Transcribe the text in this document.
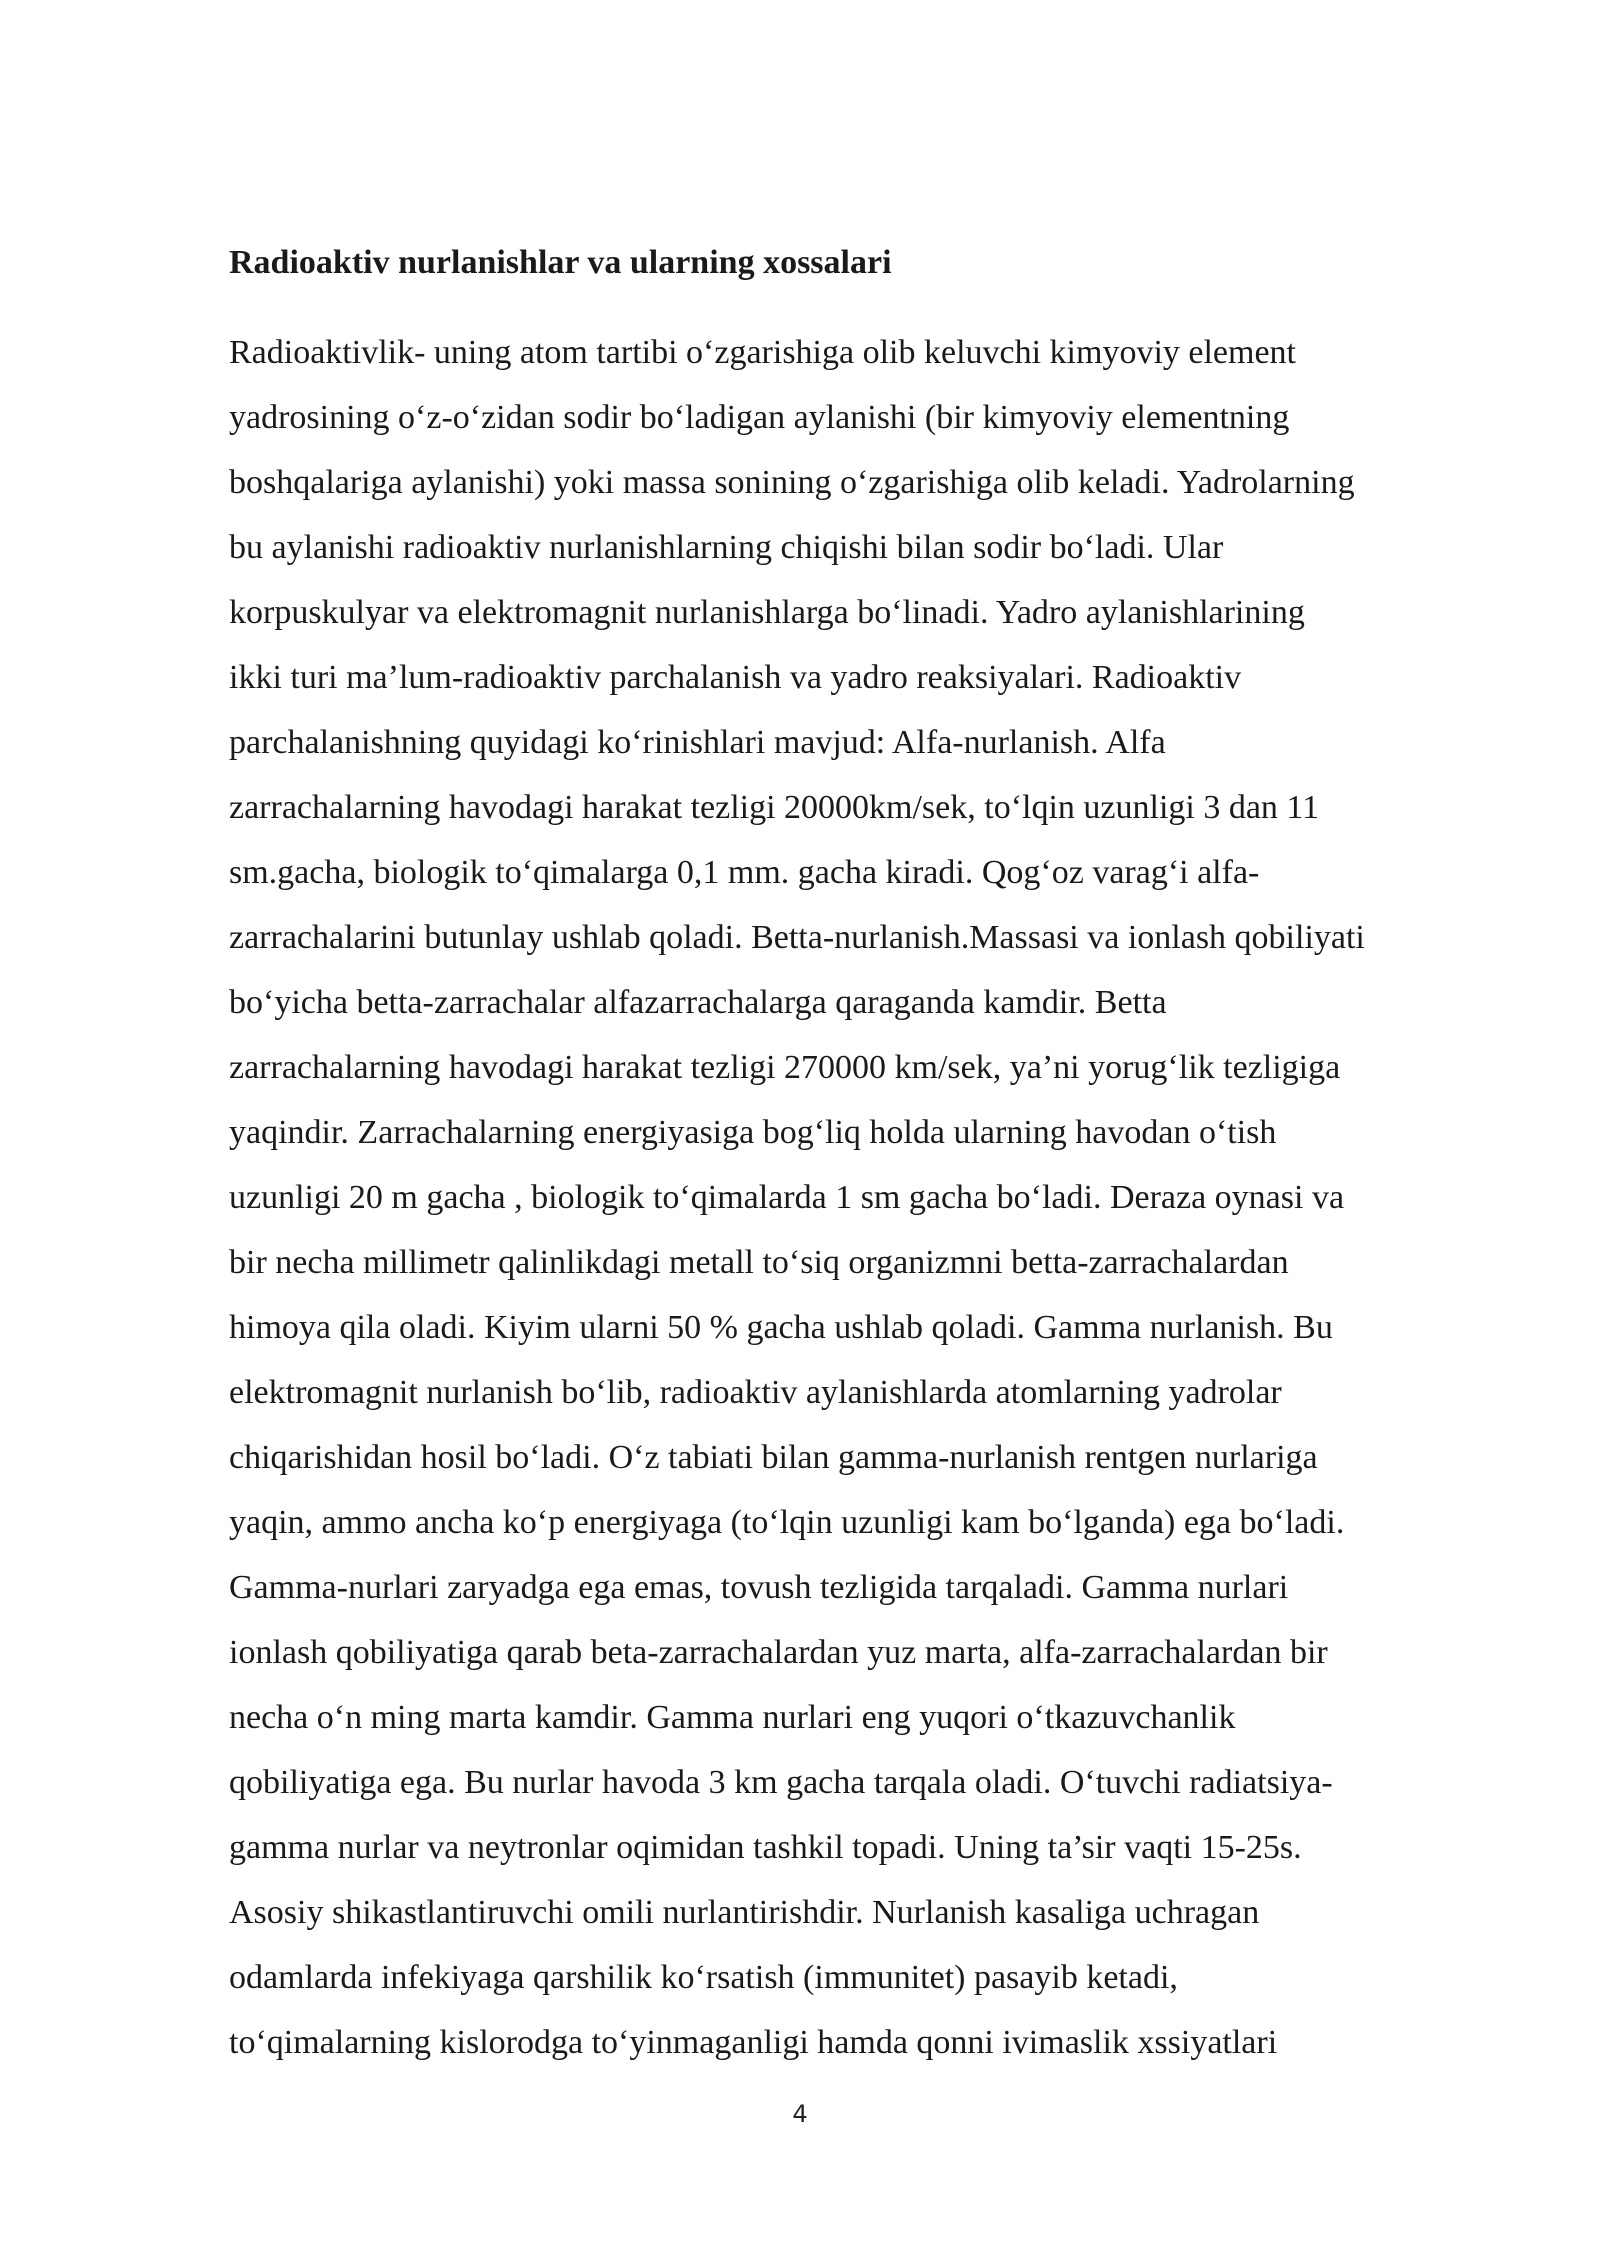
Radioaktiv nurlanishlar va ularning xossalari
Radioaktivlik- uning atom tartibi o‘zgarishiga olib keluvchi kimyoviy element
yadrosining o‘z-o‘zidan sodir bo‘ladigan aylanishi (bir kimyoviy elementning
boshqalariga aylanishi) yoki massa sonining o‘zgarishiga olib keladi. Yadrolarning
bu aylanishi radioaktiv nurlanishlarning chiqishi bilan sodir bo‘ladi. Ular
korpuskulyar va elektromagnit nurlanishlarga bo‘linadi. Yadro aylanishlarining
ikki turi ma’lum-radioaktiv parchalanish va yadro reaksiyalari. Radioaktiv
parchalanishning quyidagi ko‘rinishlari mavjud: Alfa-nurlanish. Alfa
zarrachalarning havodagi harakat tezligi 20000km/sek, to‘lqin uzunligi 3 dan 11
sm.gacha, biologik to‘qimalarga 0,1 mm. gacha kiradi. Qog‘oz varag‘i alfa-
zarrachalarini butunlay ushlab qoladi. Betta-nurlanish.Massasi va ionlash qobiliyati
bo‘yicha betta-zarrachalar alfazarrachalarga qaraganda kamdir. Betta
zarrachalarning havodagi harakat tezligi 270000 km/sek, ya’ni yorug‘lik tezligiga
yaqindir. Zarrachalarning energiyasiga bog‘liq holda ularning havodan o‘tish
uzunligi 20 m gacha , biologik to‘qimalarda 1 sm gacha bo‘ladi. Deraza oynasi va
bir necha millimetr qalinlikdagi metall to‘siq organizmni betta-zarrachalardan
himoya qila oladi. Kiyim ularni 50 % gacha ushlab qoladi. Gamma nurlanish. Bu
elektromagnit nurlanish bo‘lib, radioaktiv aylanishlarda atomlarning yadrolar
chiqarishidan hosil bo‘ladi. O‘z tabiati bilan gamma-nurlanish rentgen nurlariga
yaqin, ammo ancha ko‘p energiyaga (to‘lqin uzunligi kam bo‘lganda) ega bo‘ladi.
Gamma-nurlari zaryadga ega emas, tovush tezligida tarqaladi. Gamma nurlari
ionlash qobiliyatiga qarab beta-zarrachalardan yuz marta, alfa-zarrachalardan bir
necha o‘n ming marta kamdir. Gamma nurlari eng yuqori o‘tkazuvchanlik
qobiliyatiga ega. Bu nurlar havoda 3 km gacha tarqala oladi. O‘tuvchi radiatsiya-
gamma nurlar va neytronlar oqimidan tashkil topadi. Uning ta’sir vaqti 15-25s.
Asosiy shikastlantiruvchi omili nurlantirishdir. Nurlanish kasaliga uchragan
odamlarda infekiyaga qarshilik ko‘rsatish (immunitet) pasayib ketadi,
to‘qimalarning kislorodga to‘yinmaganligi hamda qonni ivimaslik xssiyatlari
4
